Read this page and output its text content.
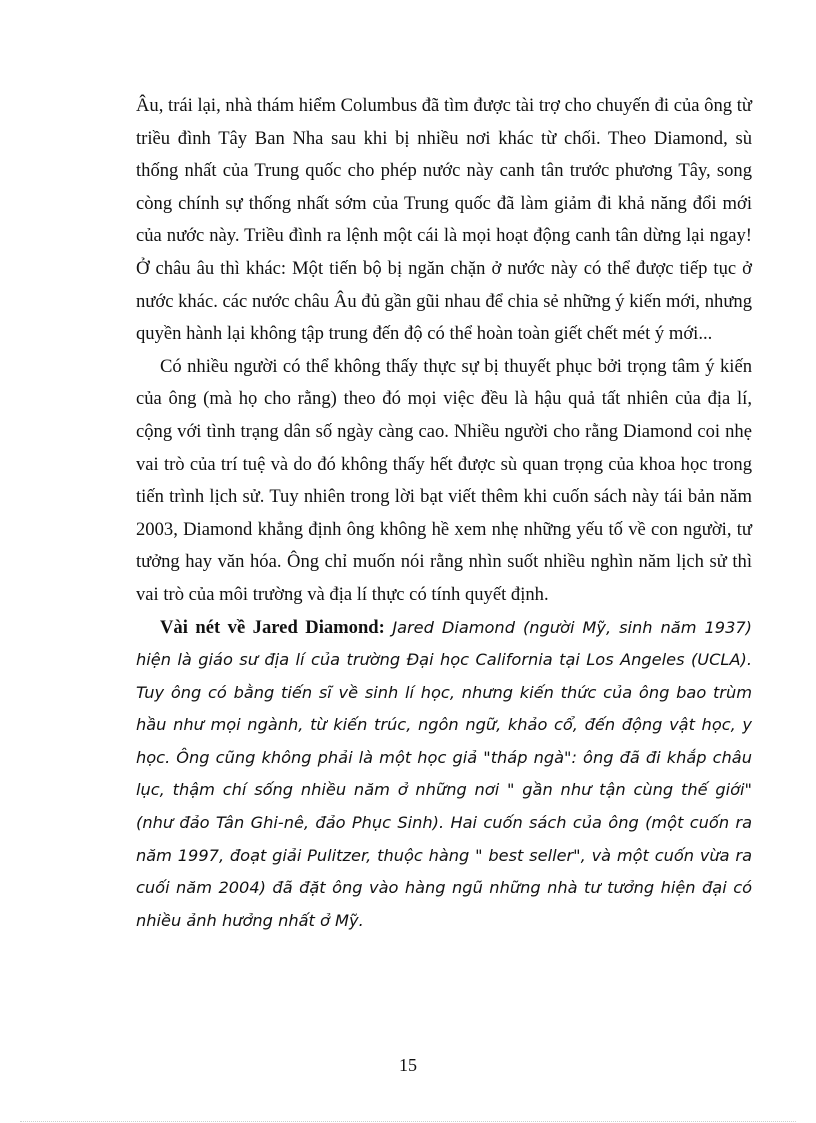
Âu, trái lại, nhà thám hiểm Columbus đã tìm được tài trợ cho chuyến đi của ông từ triều đình Tây Ban Nha sau khi bị nhiều nơi khác từ chối. Theo Diamond, sù thống nhất của Trung quốc cho phép nước này canh tân trước phương Tây, song còng chính sự thống nhất sớm của Trung quốc đã làm giảm đi khả năng đổi mới của nước này. Triều đình ra lệnh một cái là mọi hoạt động canh tân dừng lại ngay! Ở châu âu thì khác: Một tiến bộ bị ngăn chặn ở nước này có thể được tiếp tục ở nước khác. các nước châu Âu đủ gần gũi nhau để chia sẻ những ý kiến mới, nhưng quyền hành lại không tập trung đến độ có thể hoàn toàn giết chết mét ý mới...

Có nhiều người có thể không thấy thực sự bị thuyết phục bởi trọng tâm ý kiến của ông (mà họ cho rằng) theo đó mọi việc đều là hậu quả tất nhiên của địa lí, cộng với tình trạng dân số ngày càng cao. Nhiều người cho rằng Diamond coi nhẹ vai trò của trí tuệ và do đó không thấy hết được sù quan trọng của khoa học trong tiến trình lịch sử. Tuy nhiên trong lời bạt viết thêm khi cuốn sách này tái bản năm 2003, Diamond khẳng định ông không hề xem nhẹ những yếu tố về con người, tư tưởng hay văn hóa. Ông chỉ muốn nói rằng nhìn suốt nhiều nghìn năm lịch sử thì vai trò của môi trường và địa lí thực có tính quyết định.

Vài nét về Jared Diamond: Jared Diamond (người Mỹ, sinh năm 1937) hiện là giáo sư địa lí của trường Đại học California tại Los Angeles (UCLA). Tuy ông có bằng tiến sĩ về sinh lí học, nhưng kiến thức của ông bao trùm hầu như mọi ngành, từ kiến trúc, ngôn ngữ, khảo cổ, đến động vật học, y học. Ông cũng không phải là một học giả "tháp ngà": ông đã đi khắp châu lục, thậm chí sống nhiều năm ở những nơi " gần như tận cùng thế giới" (như đảo Tân Ghi-nê, đảo Phục Sinh). Hai cuốn sách của ông (một cuốn ra năm 1997, đoạt giải Pulitzer, thuộc hàng " best seller", và một cuốn vừa ra cuối năm 2004) đã đặt ông vào hàng ngũ những nhà tư tưởng hiện đại có nhiều ảnh hưởng nhất ở Mỹ.

15
